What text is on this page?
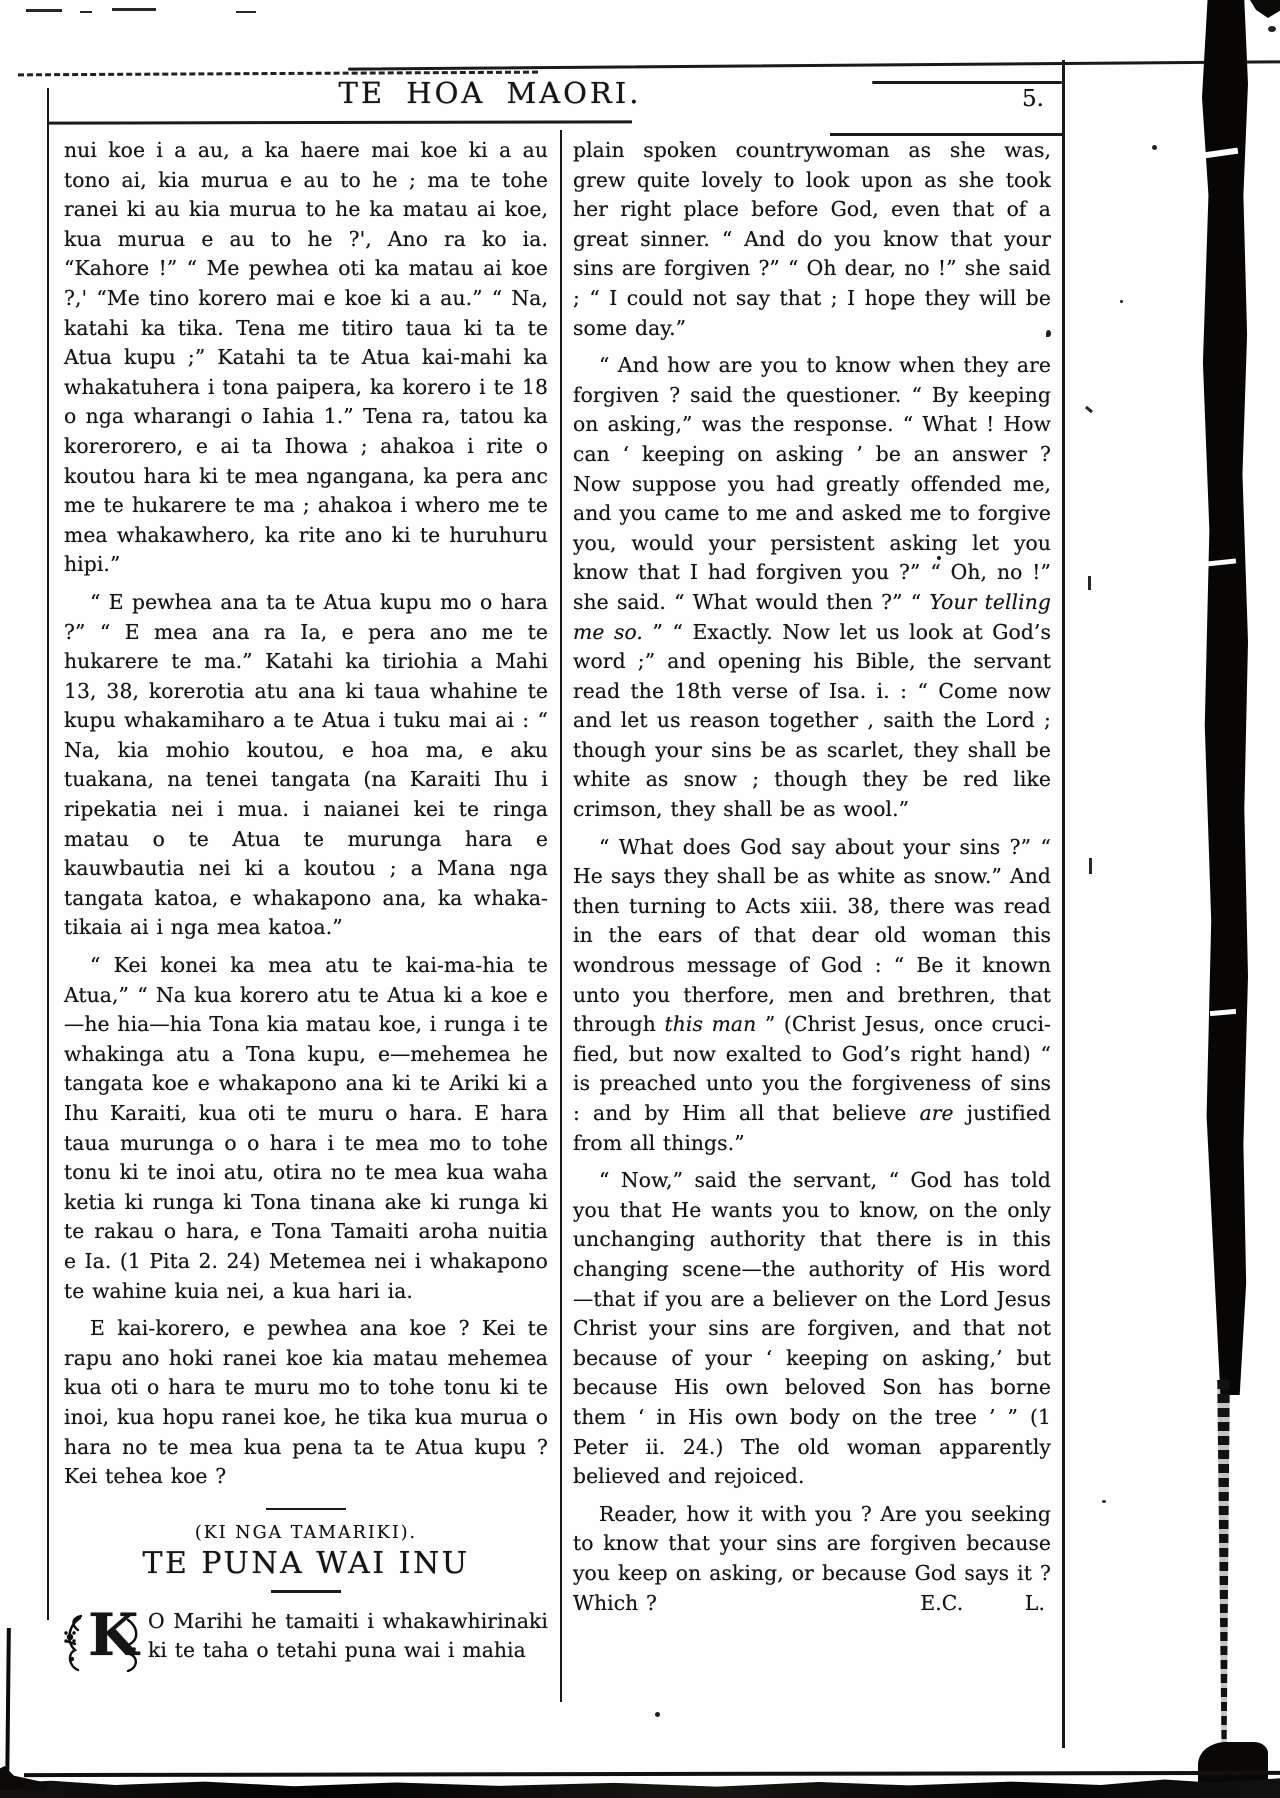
TE HOA MAORI.	5.

nui koe i a au, a ka haere mai koe ki a au tono ai, kia murua e au to he ; ma te tohe ranei ki au kia murua to he ka matau ai koe, kua murua e au to he ?', Ano ra ko ia. “Kahore !” “ Me pewhea oti ka matau ai koe ?,' “Me tino korero mai e koe ki a au.” “ Na, katahi ka tika. Tena me titiro taua ki ta te Atua kupu ;” Katahi ta te Atua kai-mahi ka whakatuhera i tona paipera, ka korero i te 18 o nga wharangi o Iahia 1.” Tena ra, tatou ka korerorero, e ai ta Ihowa ; ahakoa i rite o koutou hara ki te mea ngangana, ka pera anc me te hukarere te ma ; ahakoa i whero me te mea whakawhero, ka rite ano ki te huruhuru hipi.”

“ E pewhea ana ta te Atua kupu mo o hara ?” “ E mea ana ra Ia, e pera ano me te hukarere te ma.” Katahi ka tiriohia a Mahi 13, 38, korerotia atu ana ki taua whahine te kupu whakamiharo a te Atua i tuku mai ai : “ Na, kia mohio koutou, e hoa ma, e aku tuakana, na tenei tangata (na Karaiti Ihu i ripekatia nei i mua. i naianei kei te ringa matau o te Atua te murunga hara e kauwbautia nei ki a koutou ; a Mana nga tangata katoa, e whakapono ana, ka whaka-tikaia ai i nga mea katoa.”

“ Kei konei ka mea atu te kai-ma-hia te Atua,” “ Na kua korero atu te Atua ki a koe e—he hia—hia Tona kia matau koe, i runga i te whakinga atu a Tona kupu, e—mehemea he tangata koe e whakapono ana ki te Ariki ki a Ihu Karaiti, kua oti te muru o hara. E hara taua murunga o o hara i te mea mo to tohe tonu ki te inoi atu, otira no te mea kua waha ketia ki runga ki Tona tinana ake ki runga ki te rakau o hara, e Tona Tamaiti aroha nuitia e Ia. (1 Pita 2. 24) Metemea nei i whakapono te wahine kuia nei, a kua hari ia.

E kai-korero, e pewhea ana koe ? Kei te rapu ano hoki ranei koe kia matau mehemea kua oti o hara te muru mo to tohe tonu ki te inoi, kua hopu ranei koe, he tika kua murua o hara no te mea kua pena ta te Atua kupu ? Kei tehea koe ?

(KI NGA TAMARIKI).

TE PUNA WAI INU

K O Marihi he tamaiti i whakawhirinaki ki te taha o tetahi puna wai i mahia

plain spoken countrywoman as she was, grew quite lovely to look upon as she took her right place before God, even that of a great sinner. “ And do you know that your sins are forgiven ?” “ Oh dear, no !” she said ; “ I could not say that ; I hope they will be some day.”

“ And how are you to know when they are forgiven ? said the questioner. “ By keeping on asking,” was the response. “ What ! How can ‘ keeping on asking ’ be an answer ? Now suppose you had greatly offended me, and you came to me and asked me to forgive you, would your persistent asking let you know that I had forgiven you ?” “ Oh, no !” she said. “ What would then ?” “ Your telling me so. ” “ Exactly. Now let us look at God’s word ;” and opening his Bible, the servant read the 18th verse of Isa. i. : “ Come now and let us reason together , saith the Lord ; though your sins be as scarlet, they shall be white as snow ; though they be red like crimson, they shall be as wool.”

“ What does God say about your sins ?” “ He says they shall be as white as snow.” And then turning to Acts xiii. 38, there was read in the ears of that dear old woman this wondrous message of God : “ Be it known unto you therfore, men and brethren, that through this man ” (Christ Jesus, once cruci-fied, but now exalted to God’s right hand) “ is preached unto you the forgiveness of sins : and by Him all that believe are justified from all things.”

“ Now,” said the servant, “ God has told you that He wants you to know, on the only unchanging authority that there is in this changing scene—the authority of His word —that if you are a believer on the Lord Jesus Christ your sins are forgiven, and that not because of your ‘ keeping on asking,’ but because His own beloved Son has borne them ‘ in His own body on the tree ’ ” (1 Peter ii. 24.) The old woman apparently believed and rejoiced.

Reader, how it with you ? Are you seeking to know that your sins are forgiven because you keep on asking, or because God says it ? Which ?	E.C.   L.
